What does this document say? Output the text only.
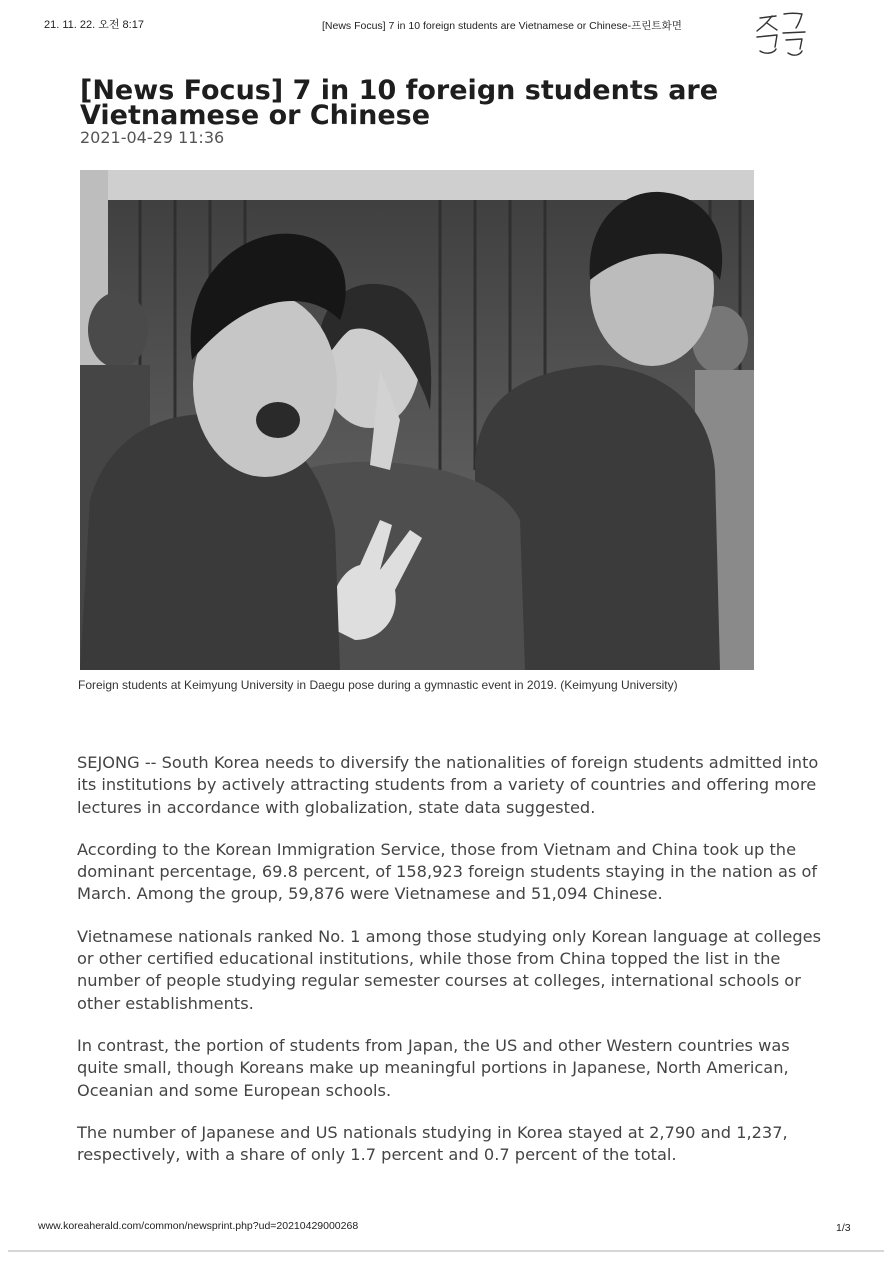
21. 11. 22. 오전 8:17	[News Focus] 7 in 10 foreign students are Vietnamese or Chinese-프린트화면
[News Focus] 7 in 10 foreign students are Vietnamese or Chinese
2021-04-29 11:36
Foreign students at Keimyung University in Daegu pose during a gymnastic event in 2019. (Keimyung University)

SEJONG -- South Korea needs to diversify the nationalities of foreign students admitted into its institutions by actively attracting students from a variety of countries and offering more lectures in accordance with globalization, state data suggested.

According to the Korean Immigration Service, those from Vietnam and China took up the dominant percentage, 69.8 percent, of 158,923 foreign students staying in the nation as of March. Among the group, 59,876 were Vietnamese and 51,094 Chinese.

Vietnamese nationals ranked No. 1 among those studying only Korean language at colleges or other certified educational institutions, while those from China topped the list in the number of people studying regular semester courses at colleges, international schools or other establishments.

In contrast, the portion of students from Japan, the US and other Western countries was quite small, though Koreans make up meaningful portions in Japanese, North American, Oceanian and some European schools.

The number of Japanese and US nationals studying in Korea stayed at 2,790 and 1,237, respectively, with a share of only 1.7 percent and 0.7 percent of the total.

www.koreaherald.com/common/newsprint.php?ud=20210429000268	1/3
